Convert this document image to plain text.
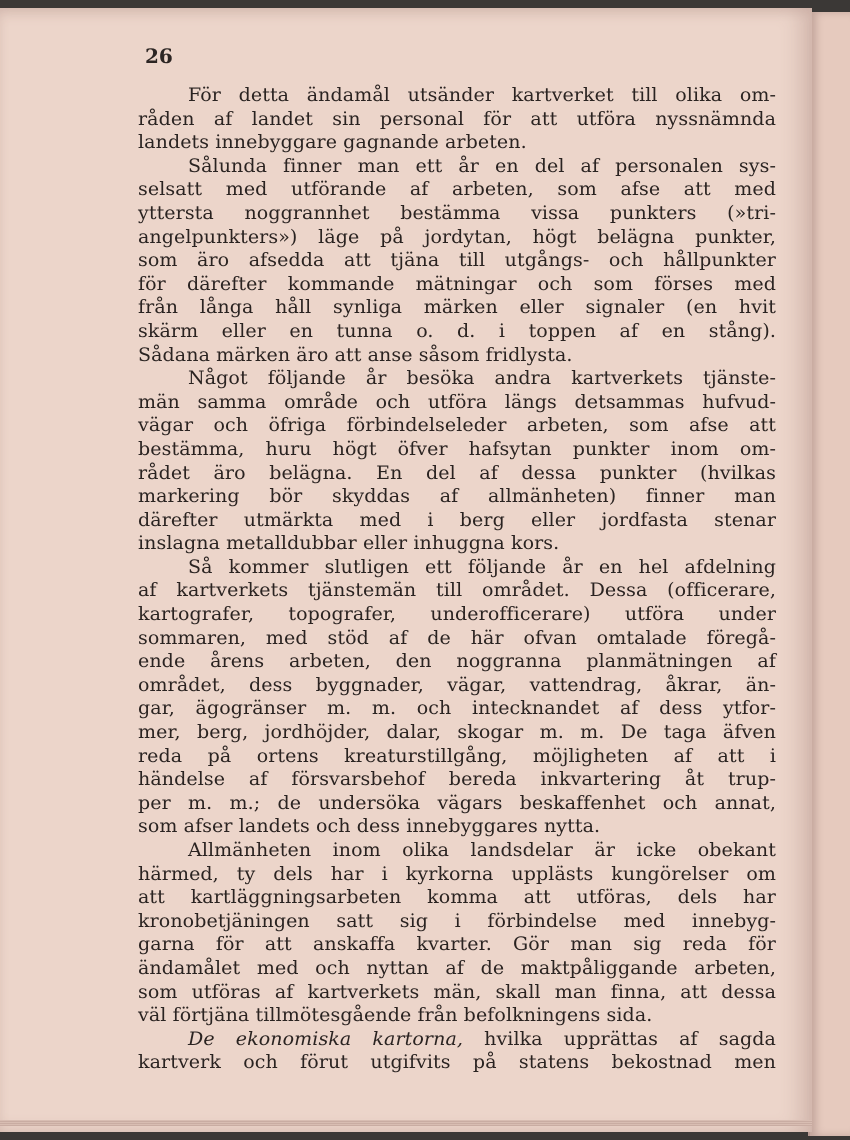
26
För detta ändamål utsänder kartverket till olika om-
råden af landet sin personal för att utföra nyssnämnda
landets innebyggare gagnande arbeten.
Sålunda finner man ett år en del af personalen sys-
selsatt med utförande af arbeten, som afse att med
yttersta noggrannhet bestämma vissa punkters (»tri-
angelpunkters») läge på jordytan, högt belägna punkter,
som äro afsedda att tjäna till utgångs- och hållpunkter
för därefter kommande mätningar och som förses med
från långa håll synliga märken eller signaler (en hvit
skärm eller en tunna o. d. i toppen af en stång).
Sådana märken äro att anse såsom fridlysta.
Något följande år besöka andra kartverkets tjänste-
män samma område och utföra längs detsammas hufvud-
vägar och öfriga förbindelseleder arbeten, som afse att
bestämma, huru högt öfver hafsytan punkter inom om-
rådet äro belägna. En del af dessa punkter (hvilkas
markering bör skyddas af allmänheten) finner man
därefter utmärkta med i berg eller jordfasta stenar
inslagna metalldubbar eller inhuggna kors.
Så kommer slutligen ett följande år en hel afdelning
af kartverkets tjänstemän till området. Dessa (officerare,
kartografer, topografer, underofficerare) utföra under
sommaren, med stöd af de här ofvan omtalade föregå-
ende årens arbeten, den noggranna planmätningen af
området, dess byggnader, vägar, vattendrag, åkrar, än-
gar, ägogränser m. m. och intecknandet af dess ytfor-
mer, berg, jordhöjder, dalar, skogar m. m. De taga äfven
reda på ortens kreaturstillgång, möjligheten af att i
händelse af försvarsbehof bereda inkvartering åt trup-
per m. m.; de undersöka vägars beskaffenhet och annat,
som afser landets och dess innebyggares nytta.
Allmänheten inom olika landsdelar är icke obekant
härmed, ty dels har i kyrkorna upplästs kungörelser om
att kartläggningsarbeten komma att utföras, dels har
kronobetjäningen satt sig i förbindelse med innebyg-
garna för att anskaffa kvarter. Gör man sig reda för
ändamålet med och nyttan af de maktpåliggande arbeten,
som utföras af kartverkets män, skall man finna, att dessa
väl förtjäna tillmötesgående från befolkningens sida.
De ekonomiska kartorna, hvilka upprättas af sagda
kartverk och förut utgifvits på statens bekostnad men
